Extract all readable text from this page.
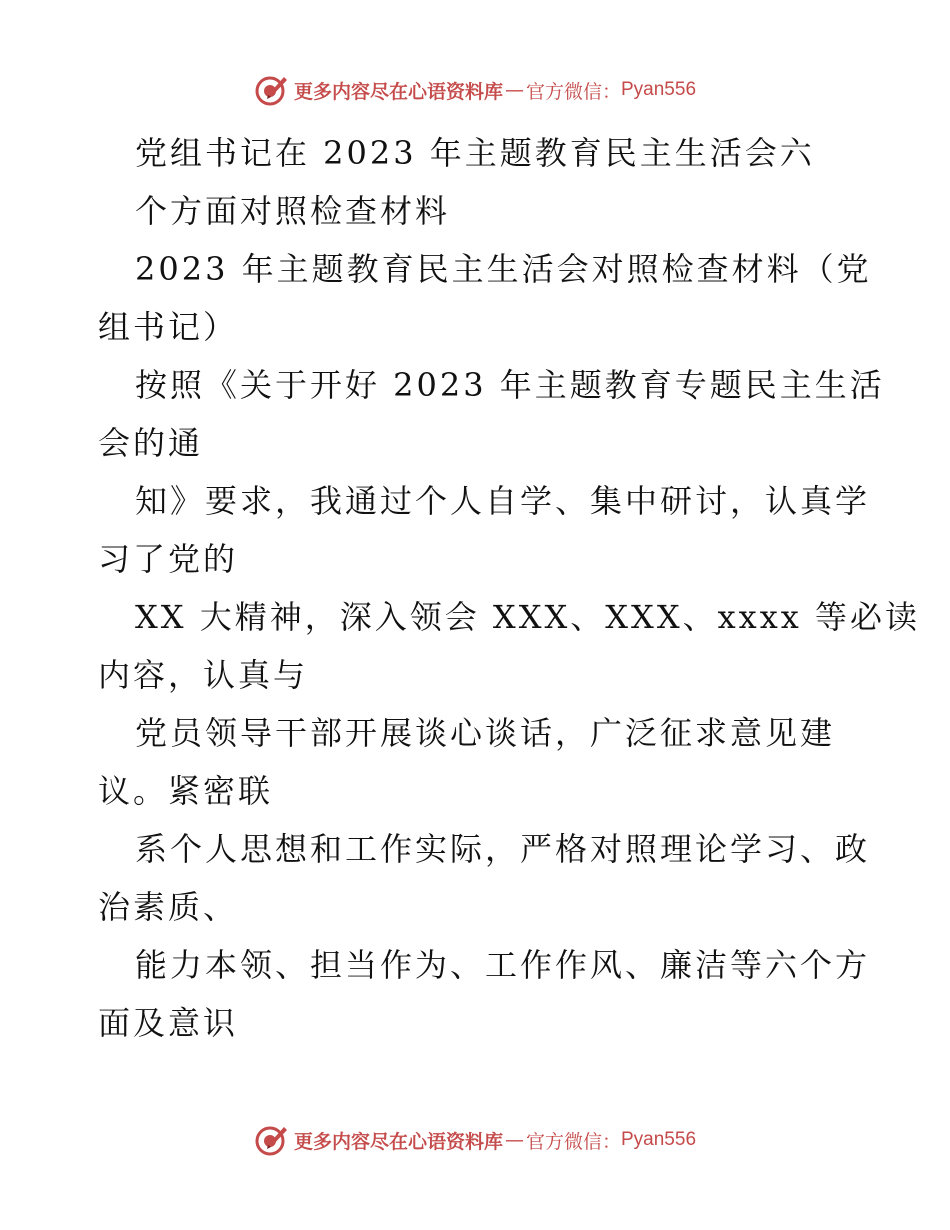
更多内容尽在心语资料库 — 官方微信： Pyan556
党组书记在 2023 年主题教育民主生活会六
个方面对照检查材料
2023 年主题教育民主生活会对照检查材料（党
组书记）
按照《关于开好 2023 年主题教育专题民主生活
会的通
知》要求，我通过个人自学、集中研讨，认真学
习了党的
XX 大精神，深入领会 XXX、XXX、xxxx 等必读
内容，认真与
党员领导干部开展谈心谈话，广泛征求意见建
议。紧密联
系个人思想和工作实际，严格对照理论学习、政
治素质、
能力本领、担当作为、工作作风、廉洁等六个方
面及意识
更多内容尽在心语资料库 — 官方微信： Pyan556
